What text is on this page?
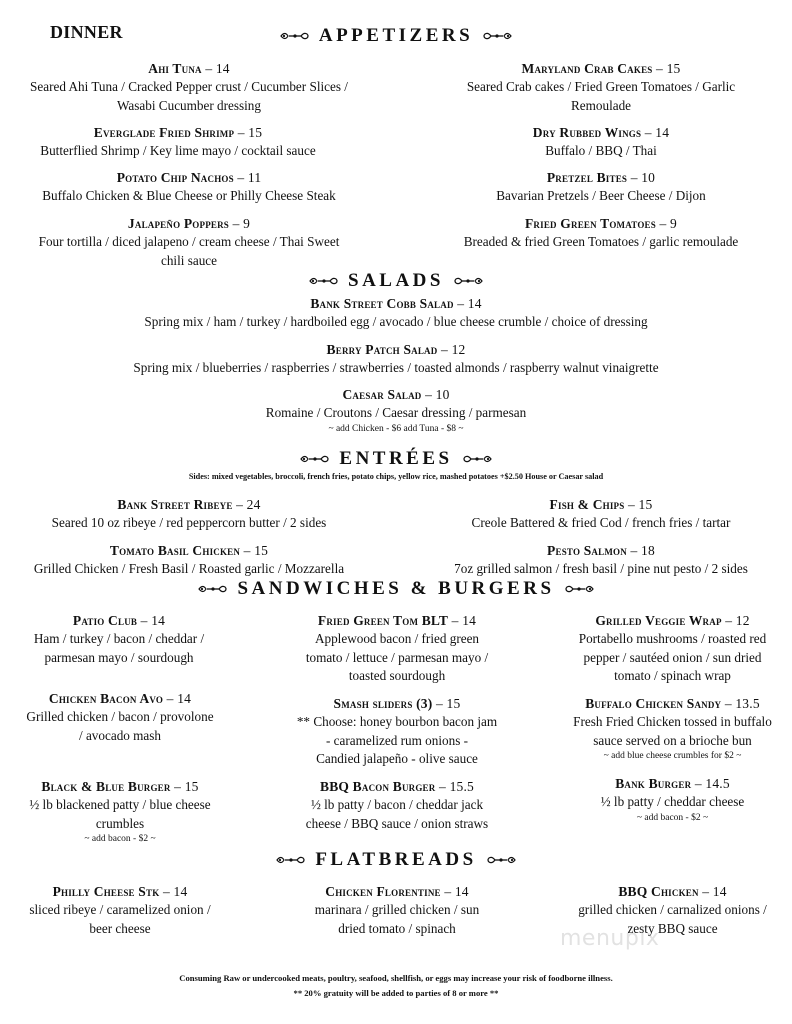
DINNER	APPETIZERS
SALADS
ENTRÉES
SANDWICHES & BURGERS
FLATBREADS
Ahi Tuna – 14
Seared Ahi Tuna / Cracked Pepper crust / Cucumber Slices /
Wasabi Cucumber dressing
Maryland Crab Cakes – 15
Seared Crab cakes / Fried Green Tomatoes / Garlic
Remoulade
Everglade Fried Shrimp – 15
Butterflied Shrimp / Key lime mayo / cocktail sauce
Dry Rubbed Wings – 14
Buffalo / BBQ / Thai
Potato Chip Nachos – 11
Buffalo Chicken & Blue Cheese or Philly Cheese Steak
Pretzel Bites – 10
Bavarian Pretzels / Beer Cheese / Dijon
Jalapeño Poppers – 9
Four tortilla / diced jalapeno / cream cheese / Thai Sweet
chili sauce
Fried Green Tomatoes – 9
Breaded & fried Green Tomatoes / garlic remoulade
Bank Street Cobb Salad – 14
Spring mix / ham / turkey / hardboiled egg / avocado / blue cheese crumble / choice of dressing
Berry Patch Salad – 12
Spring mix / blueberries / raspberries / strawberries / toasted almonds / raspberry walnut vinaigrette
Caesar Salad – 10
Romaine / Croutons / Caesar dressing / parmesan
~ add Chicken - $6 add Tuna - $8 ~
Sides: mixed vegetables, broccoli, french fries, potato chips, yellow rice, mashed potatoes +$2.50 House or Caesar salad
Bank Street Ribeye – 24
Seared 10 oz ribeye / red peppercorn butter / 2 sides
Fish & Chips – 15
Creole Battered & fried Cod / french fries / tartar
Tomato Basil Chicken – 15
Grilled Chicken / Fresh Basil / Roasted garlic / Mozzarella
Pesto Salmon – 18
7oz grilled salmon / fresh basil / pine nut pesto / 2 sides
Patio Club – 14
Ham / turkey / bacon / cheddar /
parmesan mayo / sourdough
Fried Green Tom BLT – 14
Applewood bacon / fried green
tomato / lettuce / parmesan mayo /
toasted sourdough
Grilled Veggie Wrap – 12
Portabello mushrooms / roasted red
pepper / sautéed onion / sun dried
tomato / spinach wrap
Chicken Bacon Avo – 14
Grilled chicken / bacon / provolone
/ avocado mash
Smash sliders (3) – 15
** Choose: honey bourbon bacon jam
- caramelized rum onions -
Candied jalapeño - olive sauce
Buffalo Chicken Sandy – 13.5
Fresh Fried Chicken tossed in buffalo
sauce served on a brioche bun
~ add blue cheese crumbles for $2 ~
Black & Blue Burger – 15
½ lb blackened patty / blue cheese
crumbles
~ add bacon - $2 ~
BBQ Bacon Burger – 15.5
½ lb patty / bacon / cheddar jack
cheese / BBQ sauce / onion straws
Bank Burger – 14.5
½ lb patty / cheddar cheese
~ add bacon - $2 ~
Philly Cheese Stk – 14
sliced ribeye / caramelized onion /
beer cheese
Chicken Florentine – 14
marinara / grilled chicken / sun
dried tomato / spinach
BBQ Chicken – 14
grilled chicken / carnalized onions /
zesty BBQ sauce
menupix
Consuming Raw or undercooked meats, poultry, seafood, shellfish, or eggs may increase your risk of foodborne illness.
** 20% gratuity will be added to parties of 8 or more **
